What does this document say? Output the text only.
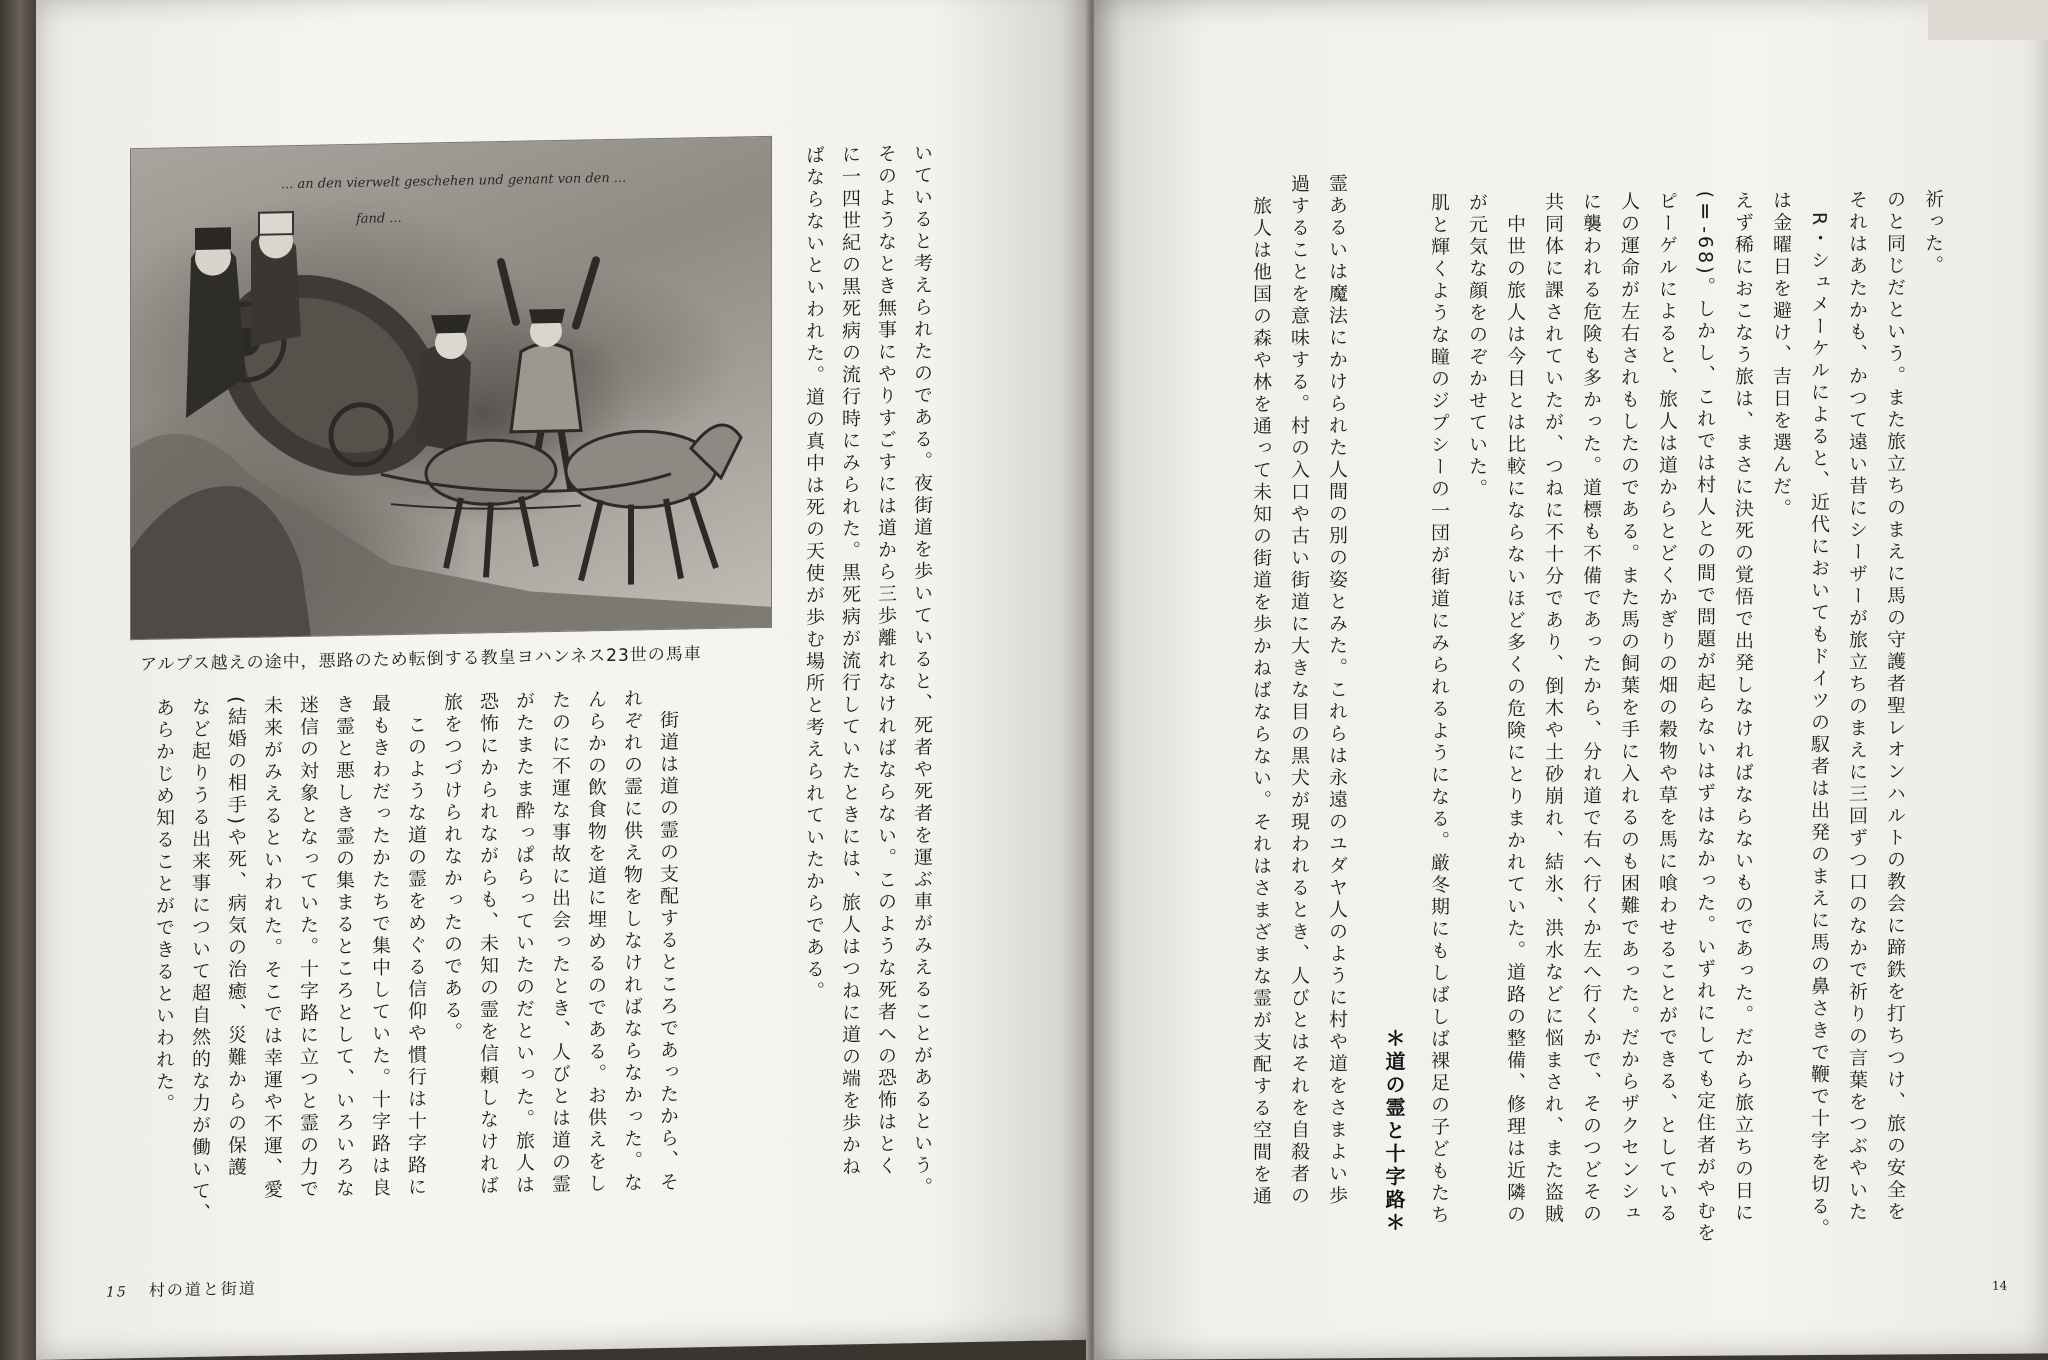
... an den vierwelt geschehen und genant von den ...
fand ...
アルプス越えの途中，悪路のため転倒する教皇ヨハンネス23世の馬車	いていると考えられたのである。夜街道を歩いていると、死者や死者を運ぶ車がみえることがあるという。
そのようなとき無事にやりすごすには道から三歩離れなければならない。このような死者への恐怖はとく
に一四世紀の黒死病の流行時にみられた。黒死病が流行していたときには、旅人はつねに道の端を歩かね
ばならないといわれた。道の真中は死の天使が歩む場所と考えられていたからである。
　街道は道の霊の支配するところであったから、そ
れぞれの霊に供え物をしなければならなかった。な
んらかの飲食物を道に埋めるのである。お供えをし
たのに不運な事故に出会ったとき、人びとは道の霊
がたまたま酔っぱらっていたのだといった。旅人は
恐怖にかられながらも、未知の霊を信頼しなければ
旅をつづけられなかったのである。
　このような道の霊をめぐる信仰や慣行は十字路に
最もきわだったかたちで集中していた。十字路は良
き霊と悪しき霊の集まるところとして、いろいろな
迷信の対象となっていた。十字路に立つと霊の力で
未来がみえるといわれた。そこでは幸運や不運、愛
(結婚の相手)や死、病気の治癒、災難からの保護
など起りうる出来事について超自然的な力が働いて、
あらかじめ知ることができるといわれた。
15 村の道と街道
祈った。
のと同じだという。また旅立ちのまえに馬の守護者聖レオンハルトの教会に蹄鉄を打ちつけ、旅の安全を
それはあたかも、かつて遠い昔にシーザーが旅立ちのまえに三回ずつ口のなかで祈りの言葉をつぶやいた
　R・シュメーケルによると、近代においてもドイツの馭者は出発のまえに馬の鼻さきで鞭で十字を切る。
は金曜日を避け、吉日を選んだ。
えず稀におこなう旅は、まさに決死の覚悟で出発しなければならないものであった。だから旅立ちの日に
(Ⅱ-68)。しかし、これでは村人との間で問題が起らないはずはなかった。いずれにしても定住者がやむを
ピーゲルによると、旅人は道からとどくかぎりの畑の穀物や草を馬に喰わせることができる、としている
人の運命が左右されもしたのである。また馬の飼葉を手に入れるのも困難であった。だからザクセンシュ
に襲われる危険も多かった。道標も不備であったから、分れ道で右へ行くか左へ行くかで、そのつどその
共同体に課されていたが、つねに不十分であり、倒木や土砂崩れ、結氷、洪水などに悩まされ、また盗賊
　中世の旅人は今日とは比較にならないほど多くの危険にとりまかれていた。道路の整備、修理は近隣の
が元気な顔をのぞかせていた。
肌と輝くような瞳のジプシーの一団が街道にみられるようになる。厳冬期にもしばしば裸足の子どもたち
＊道の霊と十字路＊
霊あるいは魔法にかけられた人間の別の姿とみた。これらは永遠のユダヤ人のように村や道をさまよい歩
過することを意味する。村の入口や古い街道に大きな目の黒犬が現われるとき、人びとはそれを自殺者の
　旅人は他国の森や林を通って未知の街道を歩かねばならない。それはさまざまな霊が支配する空間を通
14
